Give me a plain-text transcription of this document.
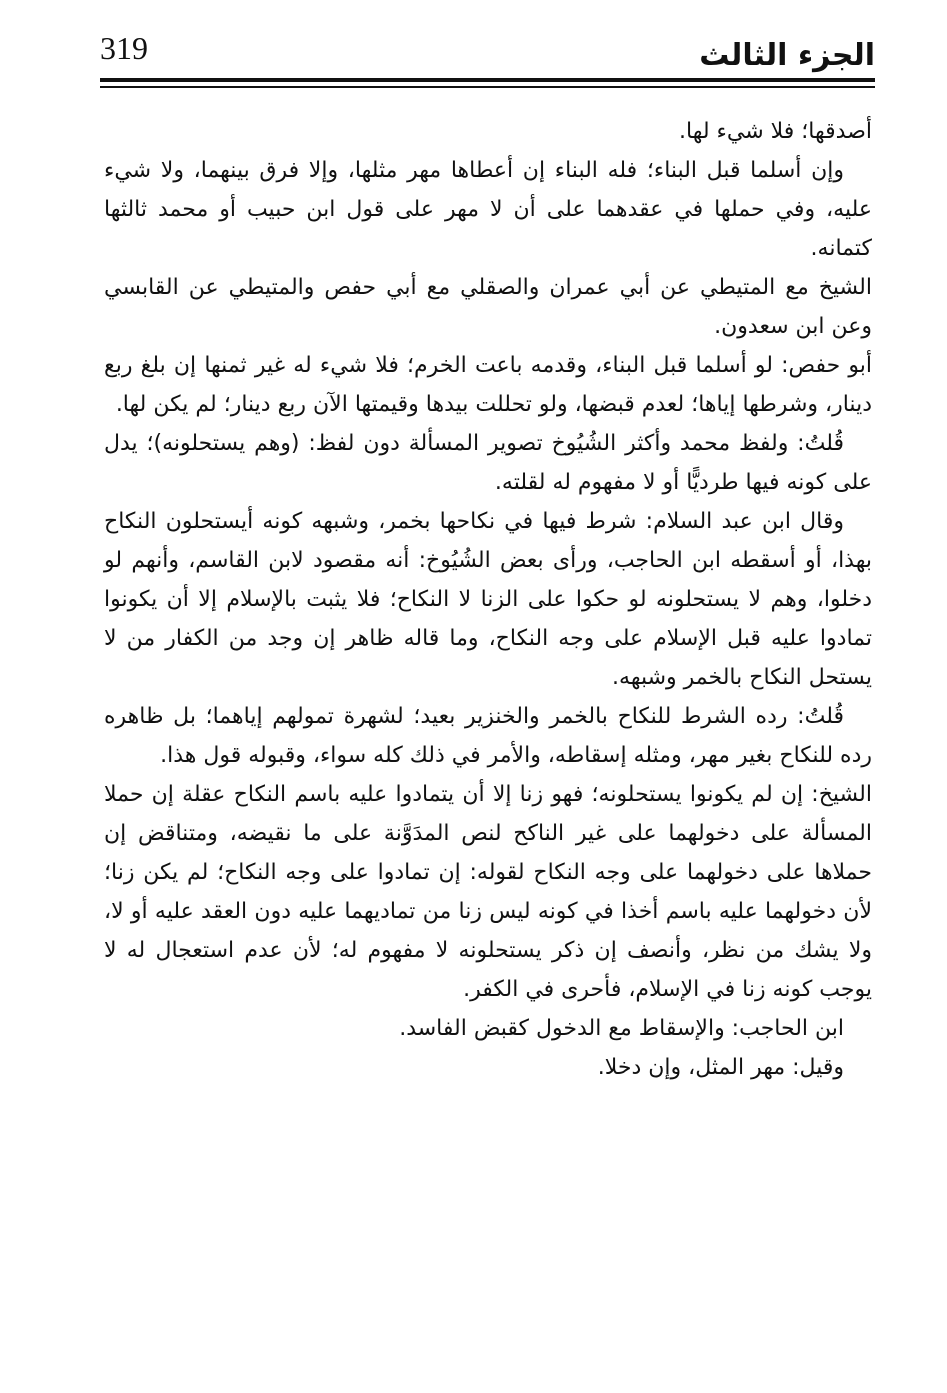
319	الجزء الثالث

أصدقها؛ فلا شيء لها.

وإن أسلما قبل البناء؛ فله البناء إن أعطاها مهر مثلها، وإلا فرق بينهما، ولا شيء عليه، وفي حملها في عقدهما على أن لا مهر على قول ابن حبيب أو محمد ثالثها كتمانه.

الشيخ مع المتيطي عن أبي عمران والصقلي مع أبي حفص والمتيطي عن القابسي وعن ابن سعدون.

أبو حفص: لو أسلما قبل البناء، وقدمه باعت الخرم؛ فلا شيء له غير ثمنها إن بلغ ربع دينار، وشرطها إياها؛ لعدم قبضها، ولو تحللت بيدها وقيمتها الآن ربع دينار؛ لم يكن لها.

قُلتُ: ولفظ محمد وأكثر الشُيُوخ تصوير المسألة دون لفظ: (وهم يستحلونه)؛ يدل على كونه فيها طرديًّا أو لا مفهوم له لقلته.

وقال ابن عبد السلام: شرط فيها في نكاحها بخمر، وشبهه كونه أيستحلون النكاح بهذا، أو أسقطه ابن الحاجب، ورأى بعض الشُيُوخ: أنه مقصود لابن القاسم، وأنهم لو دخلوا، وهم لا يستحلونه لو حكوا على الزنا لا النكاح؛ فلا يثبت بالإسلام إلا أن يكونوا تمادوا عليه قبل الإسلام على وجه النكاح، وما قاله ظاهر إن وجد من الكفار من لا يستحل النكاح بالخمر وشبهه.

قُلتُ: رده الشرط للنكاح بالخمر والخنزير بعيد؛ لشهرة تمولهم إياهما؛ بل ظاهره رده للنكاح بغير مهر، ومثله إسقاطه، والأمر في ذلك كله سواء، وقبوله قول هذا.

الشيخ: إن لم يكونوا يستحلونه؛ فهو زنا إلا أن يتمادوا عليه باسم النكاح عقلة إن حملا المسألة على دخولهما على غير الناكح لنص المدَوَّنة على ما نقيضه، ومتناقض إن حملاها على دخولهما على وجه النكاح لقوله: إن تمادوا على وجه النكاح؛ لم يكن زنا؛ لأن دخولهما عليه باسم أخذا في كونه ليس زنا من تماديهما عليه دون العقد عليه أو لا، ولا يشك من نظر، وأنصف إن ذكر يستحلونه لا مفهوم له؛ لأن عدم استعجال له لا يوجب كونه زنا في الإسلام، فأحرى في الكفر.

ابن الحاجب: والإسقاط مع الدخول كقبض الفاسد.

وقيل: مهر المثل، وإن دخلا.
